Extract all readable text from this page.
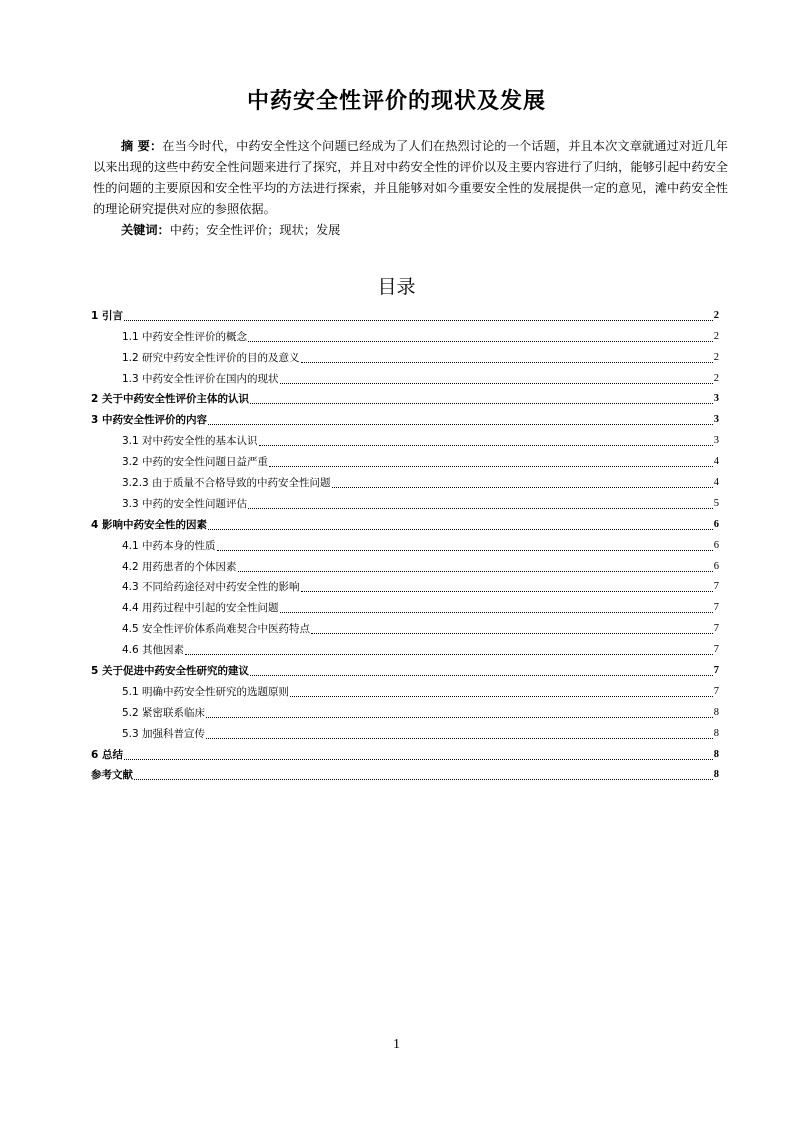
中药安全性评价的现状及发展
摘 要：在当今时代，中药安全性这个问题已经成为了人们在热烈讨论的一个话题，并且本次文章就通过对近几年以来出现的这些中药安全性问题来进行了探究，并且对中药安全性的评价以及主要内容进行了归纳，能够引起中药安全性的问题的主要原因和安全性平均的方法进行探索，并且能够对如今重要安全性的发展提供一定的意见，滩中药安全性的理论研究提供对应的参照依据。
关键词：中药；安全性评价；现状；发展
目录
1 引言	2
1.1 中药安全性评价的概念	2
1.2 研究中药安全性评价的目的及意义	2
1.3 中药安全性评价在国内的现状	2
2 关于中药安全性评价主体的认识	3
3 中药安全性评价的内容	3
3.1 对中药安全性的基本认识	3
3.2 中药的安全性问题日益严重	4
3.2.3 由于质量不合格导致的中药安全性问题	4
3.3 中药的安全性问题评估	5
4 影响中药安全性的因素	6
4.1 中药本身的性质	6
4.2 用药患者的个体因素	6
4.3 不同给药途径对中药安全性的影响	7
4.4 用药过程中引起的安全性问题	7
4.5 安全性评价体系尚难契合中医药特点	7
4.6 其他因素	7
5 关于促进中药安全性研究的建议	7
5.1 明确中药安全性研究的选题原则	7
5.2 紧密联系临床	8
5.3 加强科普宣传	8
6 总结	8
参考文献	8
1
